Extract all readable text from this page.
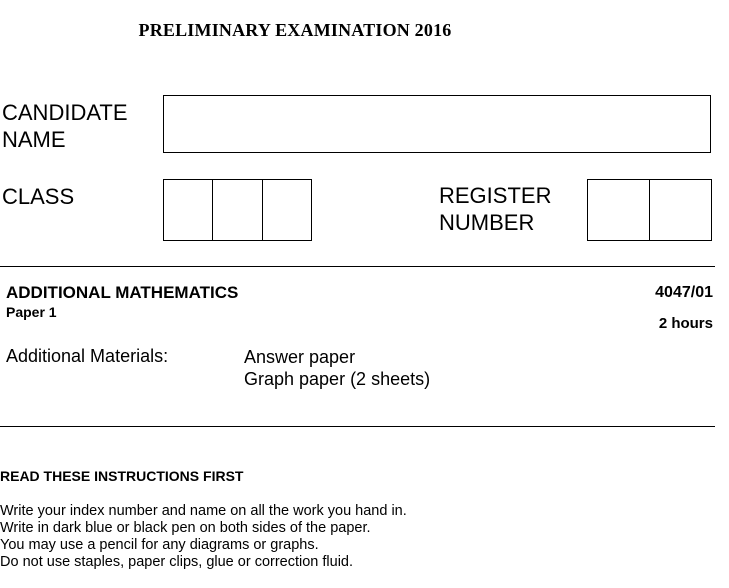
PRELIMINARY EXAMINATION 2016
CANDIDATE
NAME
CLASS	REGISTER
NUMBER
ADDITIONAL MATHEMATICS	4047/01
Paper 1
2 hours
Additional Materials:	Answer paper
Graph paper (2 sheets)
READ THESE INSTRUCTIONS FIRST
Write your index number and name on all the work you hand in.
Write in dark blue or black pen on both sides of the paper.
You may use a pencil for any diagrams or graphs.
Do not use staples, paper clips, glue or correction fluid.
